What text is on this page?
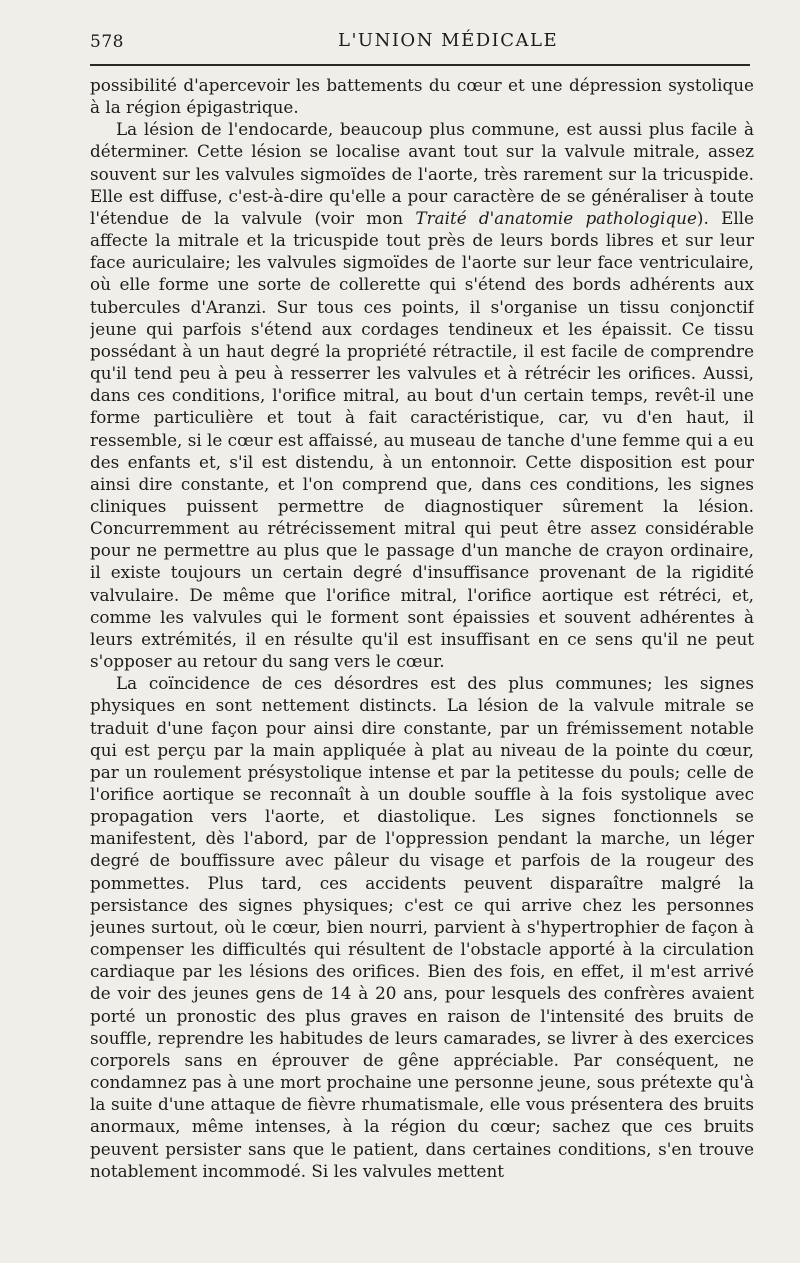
578	L'UNION MÉDICALE

possibilité d'apercevoir les battements du cœur et une dépression systolique à la région épigastrique.

La lésion de l'endocarde, beaucoup plus commune, est aussi plus facile à déterminer. Cette lésion se localise avant tout sur la valvule mitrale, assez souvent sur les valvules sigmoïdes de l'aorte, très rarement sur la tricuspide. Elle est diffuse, c'est-à-dire qu'elle a pour caractère de se généraliser à toute l'étendue de la valvule (voir mon Traité d'anatomie pathologique). Elle affecte la mitrale et la tricuspide tout près de leurs bords libres et sur leur face auriculaire; les valvules sigmoïdes de l'aorte sur leur face ventriculaire, où elle forme une sorte de collerette qui s'étend des bords adhérents aux tubercules d'Aranzi. Sur tous ces points, il s'organise un tissu conjonctif jeune qui parfois s'étend aux cordages tendineux et les épaissit. Ce tissu possédant à un haut degré la propriété rétractile, il est facile de comprendre qu'il tend peu à peu à resserrer les valvules et à rétrécir les orifices. Aussi, dans ces conditions, l'orifice mitral, au bout d'un certain temps, revêt-il une forme particulière et tout à fait caractéristique, car, vu d'en haut, il ressemble, si le cœur est affaissé, au museau de tanche d'une femme qui a eu des enfants et, s'il est distendu, à un entonnoir. Cette disposition est pour ainsi dire constante, et l'on comprend que, dans ces conditions, les signes cliniques puissent permettre de diagnostiquer sûrement la lésion. Concurremment au rétrécissement mitral qui peut être assez considérable pour ne permettre au plus que le passage d'un manche de crayon ordinaire, il existe toujours un certain degré d'insuffisance provenant de la rigidité valvulaire. De même que l'orifice mitral, l'orifice aortique est rétréci, et, comme les valvules qui le forment sont épaissies et souvent adhérentes à leurs extrémités, il en résulte qu'il est insuffisant en ce sens qu'il ne peut s'opposer au retour du sang vers le cœur.

La coïncidence de ces désordres est des plus communes; les signes physiques en sont nettement distincts. La lésion de la valvule mitrale se traduit d'une façon pour ainsi dire constante, par un frémissement notable qui est perçu par la main appliquée à plat au niveau de la pointe du cœur, par un roulement présystolique intense et par la petitesse du pouls; celle de l'orifice aortique se reconnaît à un double souffle à la fois systolique avec propagation vers l'aorte, et diastolique. Les signes fonctionnels se manifestent, dès l'abord, par de l'oppression pendant la marche, un léger degré de bouffissure avec pâleur du visage et parfois de la rougeur des pommettes. Plus tard, ces accidents peuvent disparaître malgré la persistance des signes physiques; c'est ce qui arrive chez les personnes jeunes surtout, où le cœur, bien nourri, parvient à s'hypertrophier de façon à compenser les difficultés qui résultent de l'obstacle apporté à la circulation cardiaque par les lésions des orifices. Bien des fois, en effet, il m'est arrivé de voir des jeunes gens de 14 à 20 ans, pour lesquels des confrères avaient porté un pronostic des plus graves en raison de l'intensité des bruits de souffle, reprendre les habitudes de leurs camarades, se livrer à des exercices corporels sans en éprouver de gêne appréciable. Par conséquent, ne condamnez pas à une mort prochaine une personne jeune, sous prétexte qu'à la suite d'une attaque de fièvre rhumatismale, elle vous présentera des bruits anormaux, même intenses, à la région du cœur; sachez que ces bruits peuvent persister sans que le patient, dans certaines conditions, s'en trouve notablement incommodé. Si les valvules mettent
